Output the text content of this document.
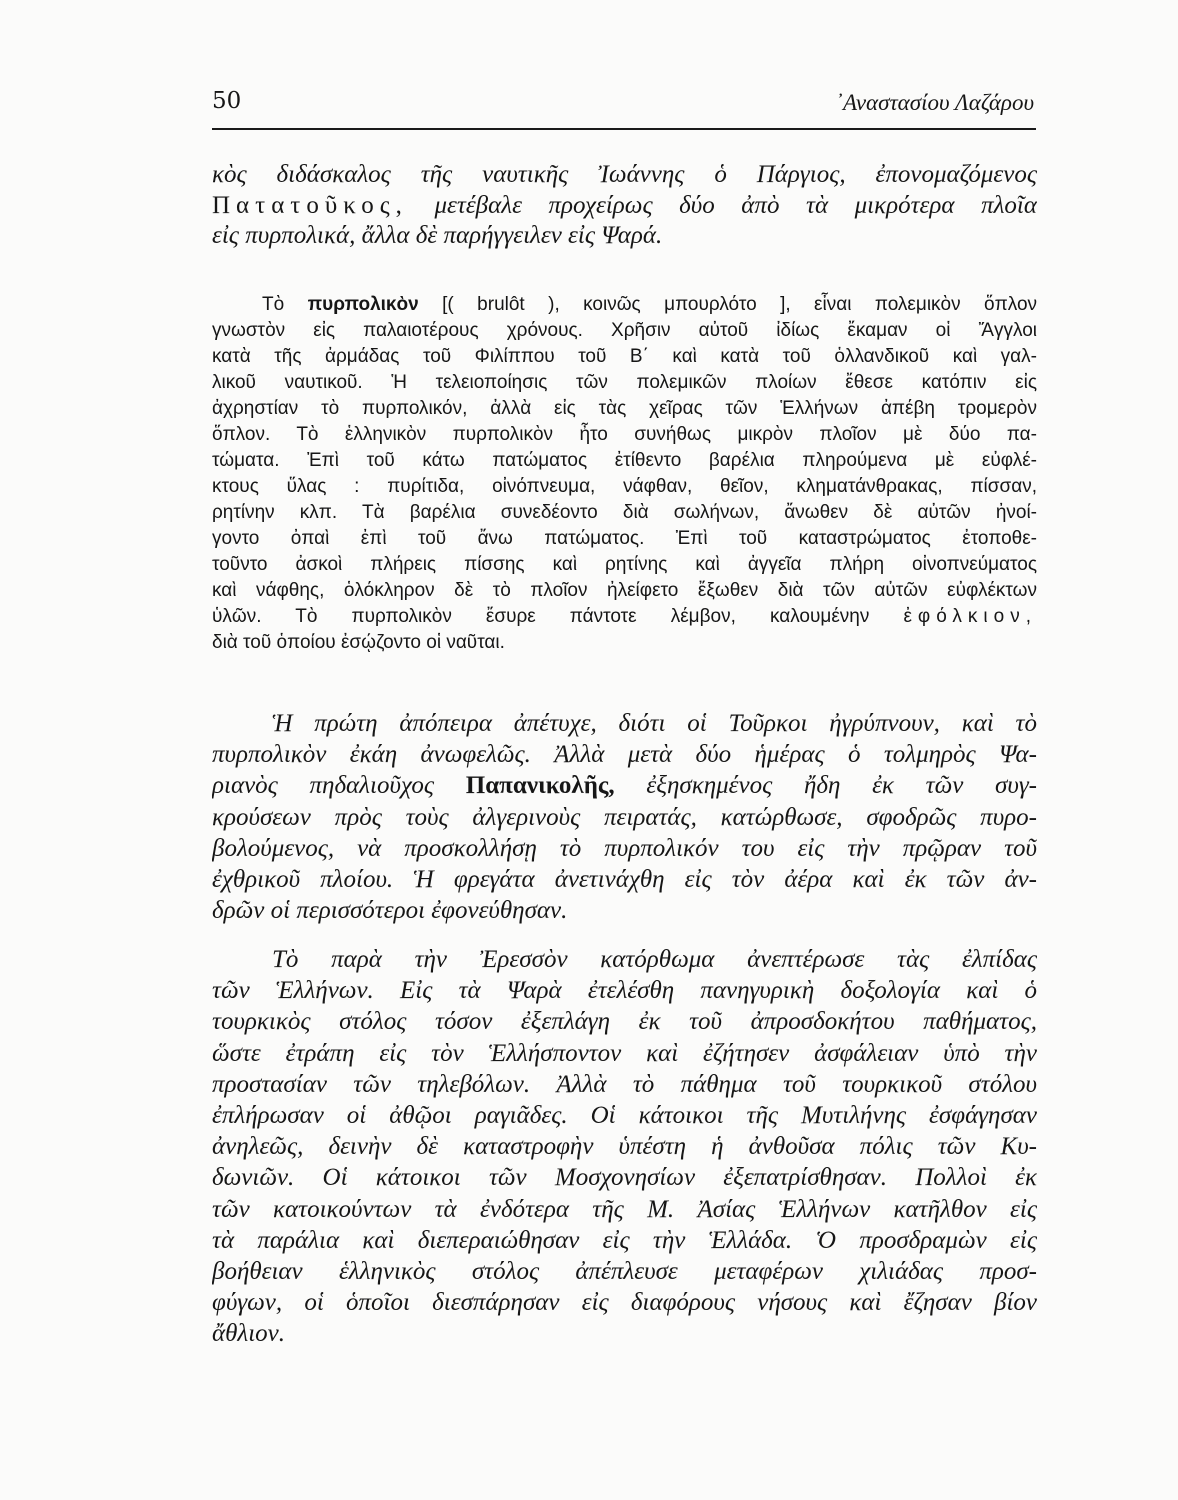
50	᾿Αναστασίου Λαζάρου
κὸς διδάσκαλος τῆς ναυτικῆς Ἰωάννης ὁ Πάργιος, ἐπονομαζόμενος
Πατατοῦκος, μετέβαλε προχείρως δύο ἀπὸ τὰ μικρότερα πλοῖα
εἰς πυρπολικά, ἄλλα δὲ παρήγγειλεν εἰς Ψαρά.
Τὸ πυρπολικὸν [( brulôt ), κοινῶς μπουρλότο ], εἶναι πολεμικὸν ὅπλον
γνωστὸν εἰς παλαιοτέρους χρόνους. Χρῆσιν αὐτοῦ ἰδίως ἔκαμαν οἱ Ἄγγλοι
κατὰ τῆς ἀρμάδας τοῦ Φιλίππου τοῦ Β΄ καὶ κατὰ τοῦ ὁλλανδικοῦ καὶ γαλ-
λικοῦ ναυτικοῦ. Ἡ τελειοποίησις τῶν πολεμικῶν πλοίων ἔθεσε κατόπιν εἰς
ἀχρηστίαν τὸ πυρπολικόν, ἀλλὰ εἰς τὰς χεῖρας τῶν Ἑλλήνων ἀπέβη τρομερὸν
ὅπλον. Τὸ ἑλληνικὸν πυρπολικὸν ἦτο συνήθως μικρὸν πλοῖον μὲ δύο πα-
τώματα. Ἐπὶ τοῦ κάτω πατώματος ἐτίθεντο βαρέλια πληρούμενα μὲ εὐφλέ-
κτους ὕλας : πυρίτιδα, οἰνόπνευμα, νάφθαν, θεῖον, κληματάνθρακας, πίσσαν,
ρητίνην κλπ. Τὰ βαρέλια συνεδέοντο διὰ σωλήνων, ἄνωθεν δὲ αὐτῶν ἠνοί-
γοντο ὀπαὶ ἐπὶ τοῦ ἄνω πατώματος. Ἐπὶ τοῦ καταστρώματος ἐτοποθε-
τοῦντο ἀσκοὶ πλήρεις πίσσης καὶ ρητίνης καὶ ἀγγεῖα πλήρη οἰνοπνεύματος
καὶ νάφθης, ὁλόκληρον δὲ τὸ πλοῖον ἠλείφετο ἔξωθεν διὰ τῶν αὐτῶν εὐφλέκτων
ὑλῶν. Τὸ πυρπολικὸν ἔσυρε πάντοτε λέμβον, καλουμένην ἐφόλκιον,
διὰ τοῦ ὁποίου ἐσῴζοντο οἱ ναῦται.
Ἡ πρώτη ἀπόπειρα ἀπέτυχε, διότι οἱ Τοῦρκοι ἠγρύπνουν, καὶ τὸ
πυρπολικὸν ἐκάη ἀνωφελῶς. Ἀλλὰ μετὰ δύο ἡμέρας ὁ τολμηρὸς Ψα-
ριανὸς πηδαλιοῦχος Παπανικολῆς, ἐξησκημένος ἤδη ἐκ τῶν συγ-
κρούσεων πρὸς τοὺς ἀλγερινοὺς πειρατάς, κατώρθωσε, σφοδρῶς πυρο-
βολούμενος, νὰ προσκολλήσῃ τὸ πυρπολικόν του εἰς τὴν πρῷραν τοῦ
ἐχθρικοῦ πλοίου. Ἡ φρεγάτα ἀνετινάχθη εἰς τὸν ἀέρα καὶ ἐκ τῶν ἀν-
δρῶν οἱ περισσότεροι ἐφονεύθησαν.
Τὸ παρὰ τὴν Ἐρεσσὸν κατόρθωμα ἀνεπτέρωσε τὰς ἐλπίδας
τῶν Ἑλλήνων. Εἰς τὰ Ψαρὰ ἐτελέσθη πανηγυρικὴ δοξολογία καὶ ὁ
τουρκικὸς στόλος τόσον ἐξεπλάγη ἐκ τοῦ ἀπροσδοκήτου παθήματος,
ὥστε ἐτράπη εἰς τὸν Ἑλλήσποντον καὶ ἐζήτησεν ἀσφάλειαν ὑπὸ τὴν
προστασίαν τῶν τηλεβόλων. Ἀλλὰ τὸ πάθημα τοῦ τουρκικοῦ στόλου
ἐπλήρωσαν οἱ ἀθῷοι ραγιᾶδες. Οἱ κάτοικοι τῆς Μυτιλήνης ἐσφάγησαν
ἀνηλεῶς, δεινὴν δὲ καταστροφὴν ὑπέστη ἡ ἀνθοῦσα πόλις τῶν Κυ-
δωνιῶν. Οἱ κάτοικοι τῶν Μοσχονησίων ἐξεπατρίσθησαν. Πολλοὶ ἐκ
τῶν κατοικούντων τὰ ἐνδότερα τῆς Μ. Ἀσίας Ἑλλήνων κατῆλθον εἰς
τὰ παράλια καὶ διεπεραιώθησαν εἰς τὴν Ἑλλάδα. Ὁ προσδραμὼν εἰς
βοήθειαν ἑλληνικὸς στόλος ἀπέπλευσε μεταφέρων χιλιάδας προσ-
φύγων, οἱ ὁποῖοι διεσπάρησαν εἰς διαφόρους νήσους καὶ ἔζησαν βίον
ἄθλιον.
